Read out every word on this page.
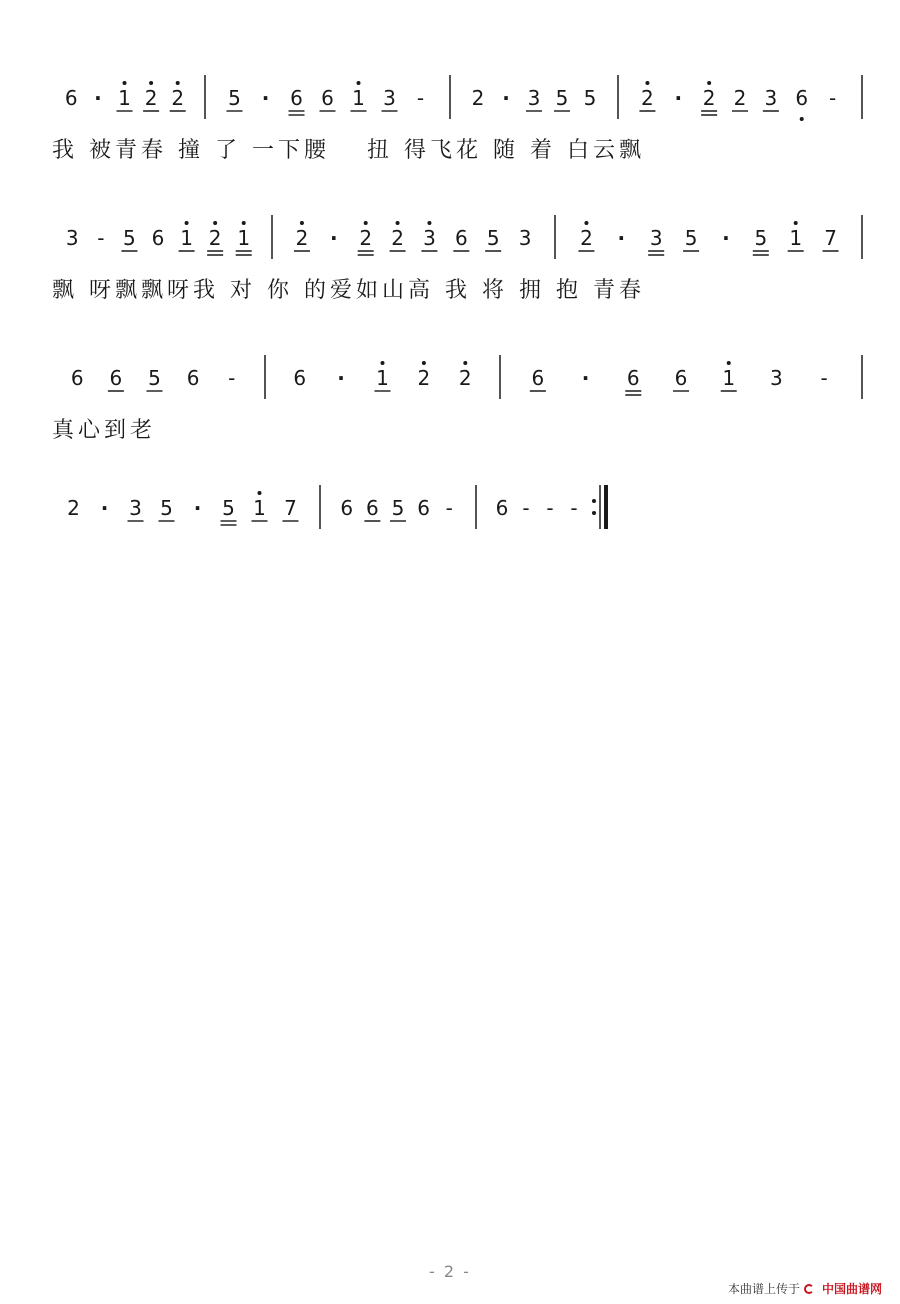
6 · 1 2 2 5 · 6 6 1 3 - 2 · 3 5 5 2 · 2 2 3 6 -
我 被青春 撞 了 一下腰　 扭 得飞花 随 着 白云飘
3 - 5 6 1 2 1 2 · 2 2 3 6 5 3 2 · 3 5 · 5 1 7
飘 呀飘飘呀我 对 你 的爱如山高 我 将 拥 抱 青春
6 6 5 6 -	6 · 1 2 2	6 · 6 6 1 3 -
真心到老
2 · 3 5 · 5 1 7 6 6 5 6 - 6 - - -
- 2 -
本曲谱上传于 中国曲谱网
